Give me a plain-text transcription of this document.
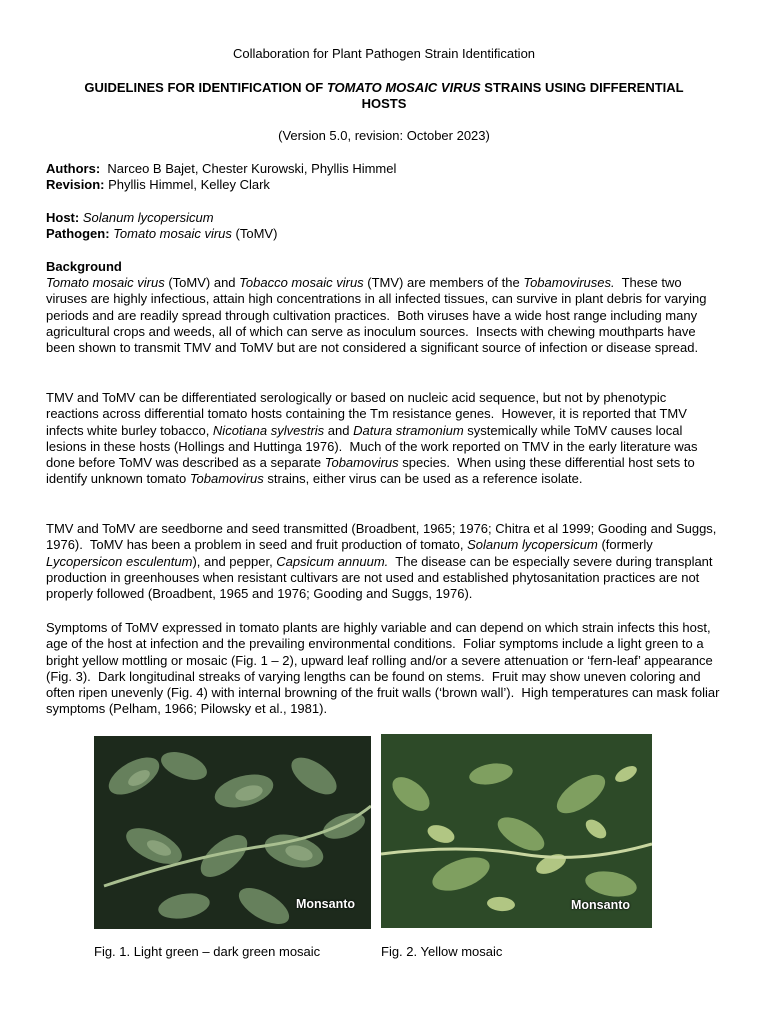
Collaboration for Plant Pathogen Strain Identification
GUIDELINES FOR IDENTIFICATION OF TOMATO MOSAIC VIRUS STRAINS USING DIFFERENTIAL
HOSTS
(Version 5.0, revision: October 2023)
Authors:  Narceo B Bajet, Chester Kurowski, Phyllis Himmel
Revision: Phyllis Himmel, Kelley Clark
Host: Solanum lycopersicum
Pathogen: Tomato mosaic virus (ToMV)
Background
Tomato mosaic virus (ToMV) and Tobacco mosaic virus (TMV) are members of the Tobamoviruses.  These two viruses are highly infectious, attain high concentrations in all infected tissues, can survive in plant debris for varying periods and are readily spread through cultivation practices.  Both viruses have a wide host range including many agricultural crops and weeds, all of which can serve as inoculum sources.  Insects with chewing mouthparts have been shown to transmit TMV and ToMV but are not considered a significant source of infection or disease spread.
TMV and ToMV can be differentiated serologically or based on nucleic acid sequence, but not by phenotypic reactions across differential tomato hosts containing the Tm resistance genes.  However, it is reported that TMV infects white burley tobacco, Nicotiana sylvestris and Datura stramonium systemically while ToMV causes local lesions in these hosts (Hollings and Huttinga 1976).  Much of the work reported on TMV in the early literature was done before ToMV was described as a separate Tobamovirus species.  When using these differential host sets to identify unknown tomato Tobamovirus strains, either virus can be used as a reference isolate.
TMV and ToMV are seedborne and seed transmitted (Broadbent, 1965; 1976; Chitra et al 1999; Gooding and Suggs, 1976).  ToMV has been a problem in seed and fruit production of tomato, Solanum lycopersicum (formerly Lycopersicon esculentum), and pepper, Capsicum annuum.  The disease can be especially severe during transplant production in greenhouses when resistant cultivars are not used and established phytosanitation practices are not properly followed (Broadbent, 1965 and 1976; Gooding and Suggs, 1976).
Symptoms of ToMV expressed in tomato plants are highly variable and can depend on which strain infects this host, age of the host at infection and the prevailing environmental conditions.  Foliar symptoms include a light green to a bright yellow mottling or mosaic (Fig. 1 – 2), upward leaf rolling and/or a severe attenuation or ‘fern-leaf’ appearance (Fig. 3).  Dark longitudinal streaks of varying lengths can be found on stems.  Fruit may show uneven coloring and often ripen unevenly (Fig. 4) with internal browning of the fruit walls (‘brown wall’).  High temperatures can mask foliar symptoms (Pelham, 1966; Pilowsky et al., 1981).
Monsanto
Fig. 1. Light green – dark green mosaic
Monsanto
Fig. 2. Yellow mosaic
